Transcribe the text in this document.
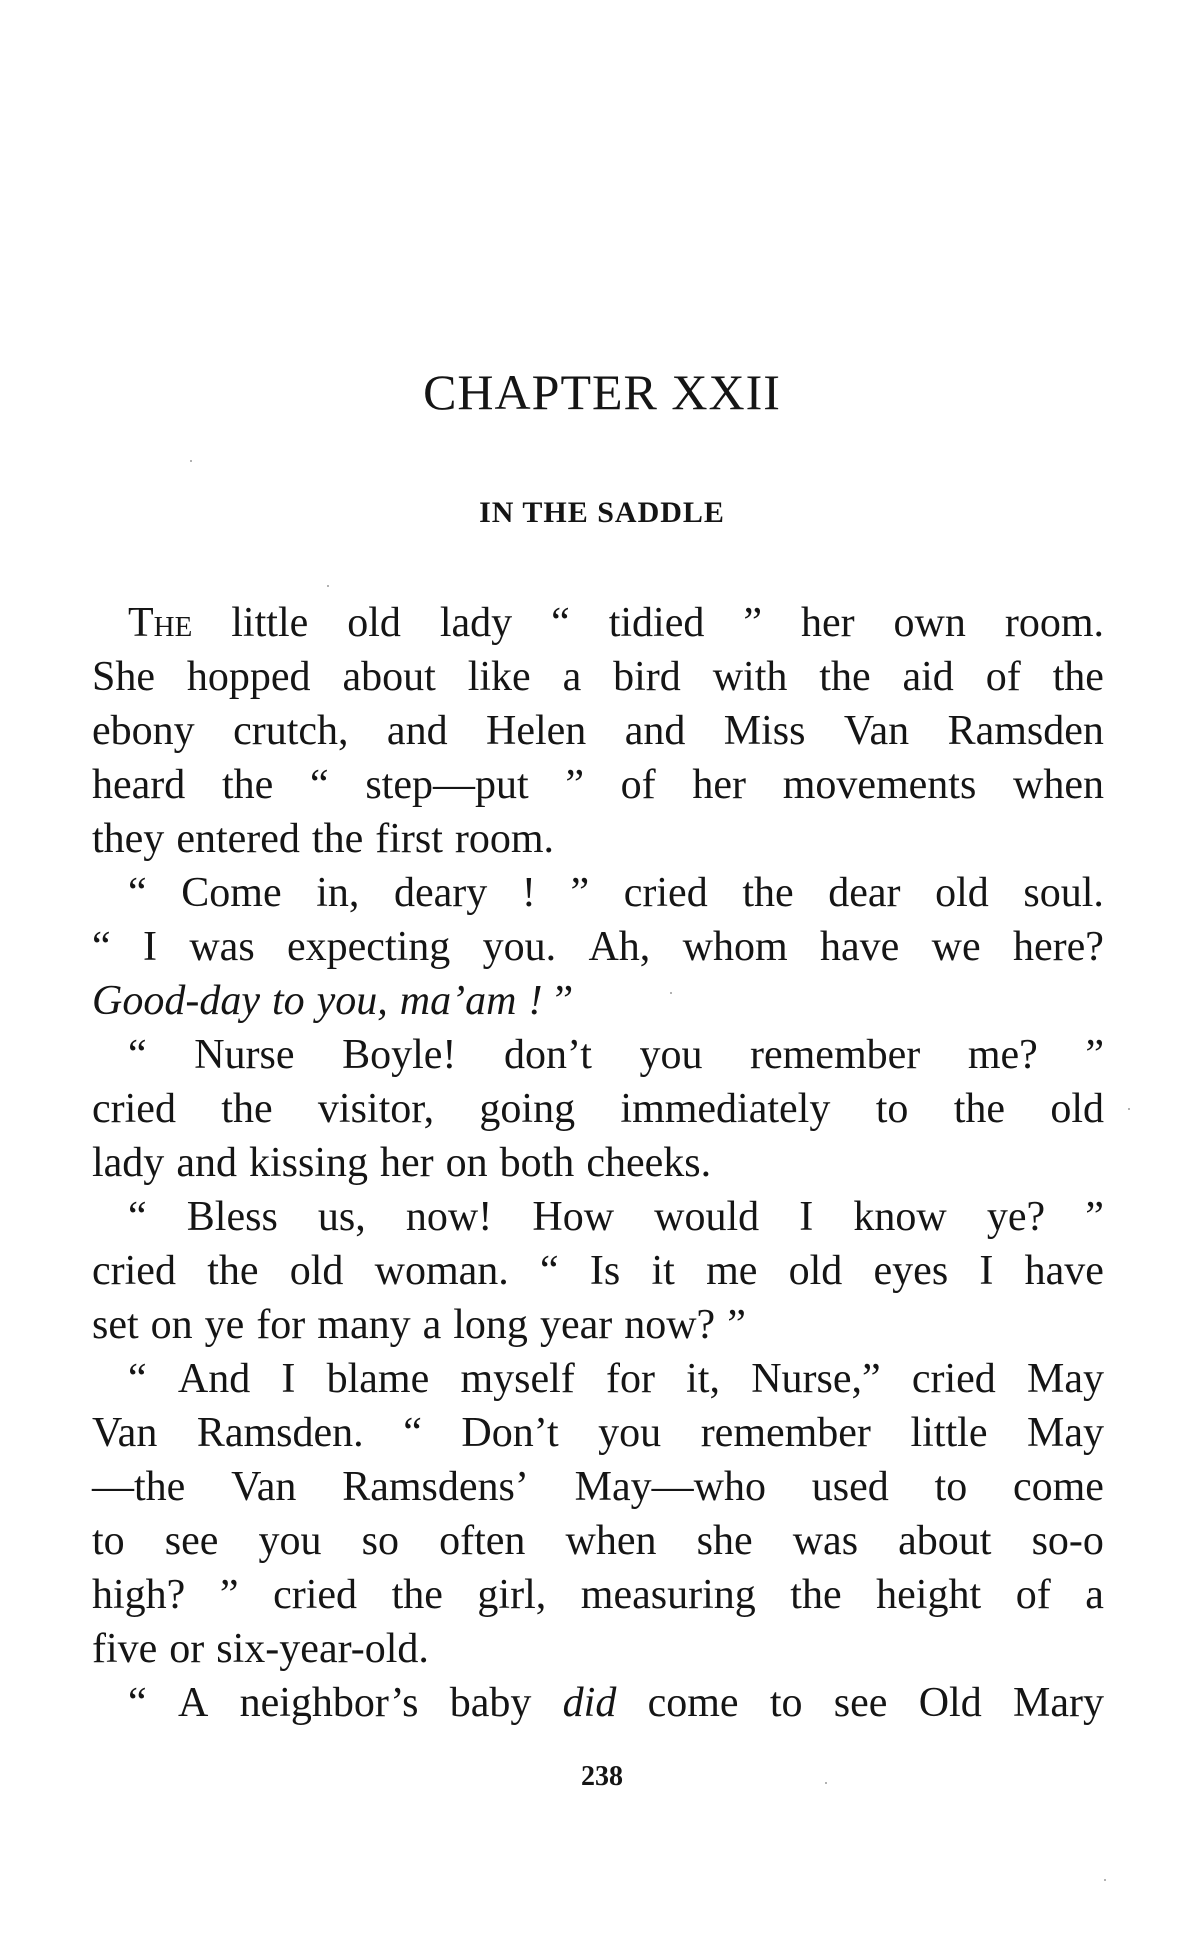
CHAPTER XXII
IN THE SADDLE
The little old lady “ tidied ” her own room.
She hopped about like a bird with the aid of the
ebony crutch, and Helen and Miss Van Ramsden
heard the “ step—put ” of her movements when
they entered the first room.
“ Come in, deary ! ” cried the dear old soul.
“ I was expecting you. Ah, whom have we here?
Good-day to you, ma’am ! ”
“ Nurse Boyle! don’t you remember me? ”
cried the visitor, going immediately to the old
lady and kissing her on both cheeks.
“ Bless us, now! How would I know ye? ”
cried the old woman. “ Is it me old eyes I have
set on ye for many a long year now? ”
“ And I blame myself for it, Nurse,” cried May
Van Ramsden. “ Don’t you remember little May
—the Van Ramsdens’ May—who used to come
to see you so often when she was about so-o
high? ” cried the girl, measuring the height of a
five or six-year-old.
“ A neighbor’s baby did come to see Old Mary
238
